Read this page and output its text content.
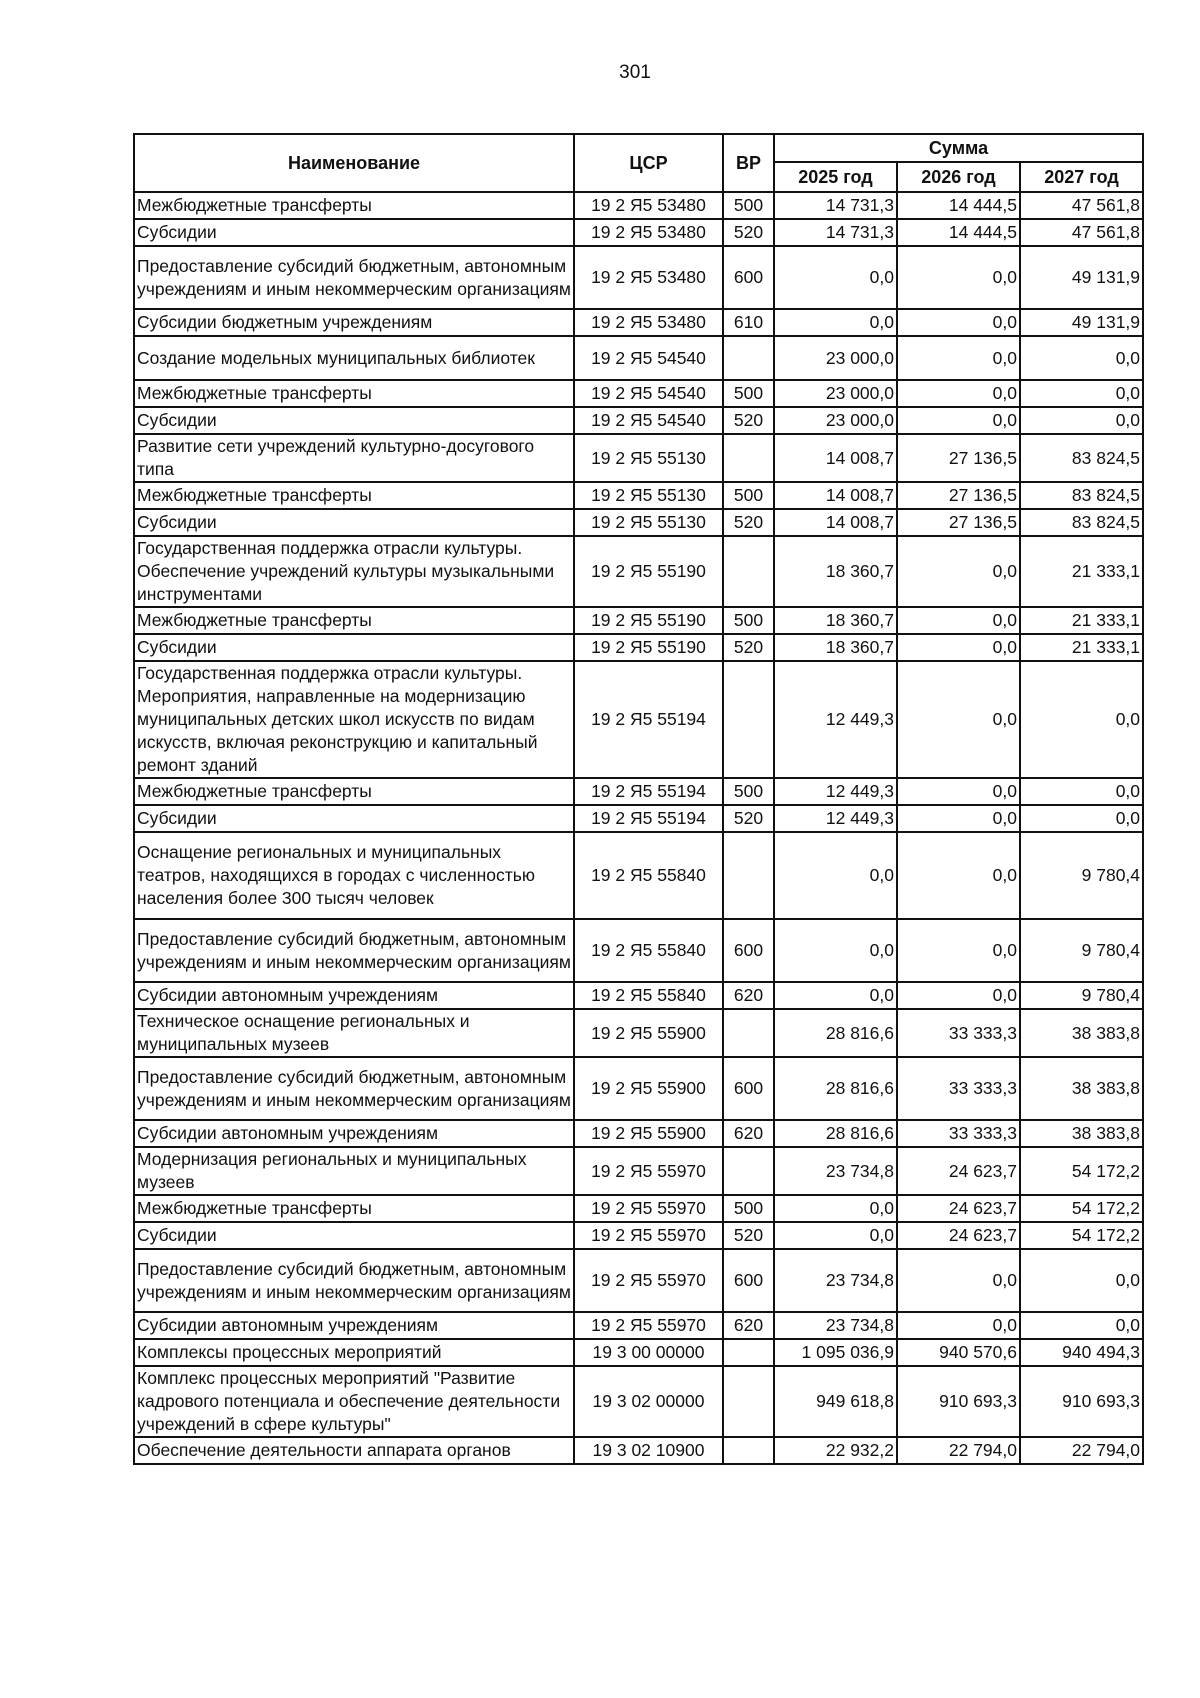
301
Наименование	ЦСР	ВР	Сумма		
			2025 год	2026 год	2027 год
Межбюджетные трансферты	19 2 Я5 53480	500	14 731,3	14 444,5	47 561,8
Субсидии	19 2 Я5 53480	520	14 731,3	14 444,5	47 561,8
Предоставление субсидий бюджетным, автономным учреждениям и иным некоммерческим организациям	19 2 Я5 53480	600	0,0	0,0	49 131,9
Субсидии бюджетным учреждениям	19 2 Я5 53480	610	0,0	0,0	49 131,9
Создание модельных муниципальных библиотек	19 2 Я5 54540		23 000,0	0,0	0,0
Межбюджетные трансферты	19 2 Я5 54540	500	23 000,0	0,0	0,0
Субсидии	19 2 Я5 54540	520	23 000,0	0,0	0,0
Развитие сети учреждений культурно-досугового типа	19 2 Я5 55130		14 008,7	27 136,5	83 824,5
Межбюджетные трансферты	19 2 Я5 55130	500	14 008,7	27 136,5	83 824,5
Субсидии	19 2 Я5 55130	520	14 008,7	27 136,5	83 824,5
Государственная поддержка отрасли культуры. Обеспечение учреждений культуры музыкальными инструментами	19 2 Я5 55190		18 360,7	0,0	21 333,1
Межбюджетные трансферты	19 2 Я5 55190	500	18 360,7	0,0	21 333,1
Субсидии	19 2 Я5 55190	520	18 360,7	0,0	21 333,1
Государственная поддержка отрасли культуры. Мероприятия, направленные на модернизацию муниципальных детских школ искусств по видам искусств, включая реконструкцию и капитальный ремонт зданий	19 2 Я5 55194		12 449,3	0,0	0,0
Межбюджетные трансферты	19 2 Я5 55194	500	12 449,3	0,0	0,0
Субсидии	19 2 Я5 55194	520	12 449,3	0,0	0,0
Оснащение региональных и муниципальных театров, находящихся в городах с численностью населения более 300 тысяч человек	19 2 Я5 55840		0,0	0,0	9 780,4
Предоставление субсидий бюджетным, автономным учреждениям и иным некоммерческим организациям	19 2 Я5 55840	600	0,0	0,0	9 780,4
Субсидии автономным учреждениям	19 2 Я5 55840	620	0,0	0,0	9 780,4
Техническое оснащение региональных и муниципальных музеев	19 2 Я5 55900		28 816,6	33 333,3	38 383,8
Предоставление субсидий бюджетным, автономным учреждениям и иным некоммерческим организациям	19 2 Я5 55900	600	28 816,6	33 333,3	38 383,8
Субсидии автономным учреждениям	19 2 Я5 55900	620	28 816,6	33 333,3	38 383,8
Модернизация региональных и муниципальных музеев	19 2 Я5 55970		23 734,8	24 623,7	54 172,2
Межбюджетные трансферты	19 2 Я5 55970	500	0,0	24 623,7	54 172,2
Субсидии	19 2 Я5 55970	520	0,0	24 623,7	54 172,2
Предоставление субсидий бюджетным, автономным учреждениям и иным некоммерческим организациям	19 2 Я5 55970	600	23 734,8	0,0	0,0
Субсидии автономным учреждениям	19 2 Я5 55970	620	23 734,8	0,0	0,0
Комплексы процессных мероприятий	19 3 00 00000		1 095 036,9	940 570,6	940 494,3
Комплекс процессных мероприятий "Развитие кадрового потенциала и обеспечение деятельности учреждений в сфере культуры"	19 3 02 00000		949 618,8	910 693,3	910 693,3
Обеспечение деятельности аппарата органов	19 3 02 10900		22 932,2	22 794,0	22 794,0
